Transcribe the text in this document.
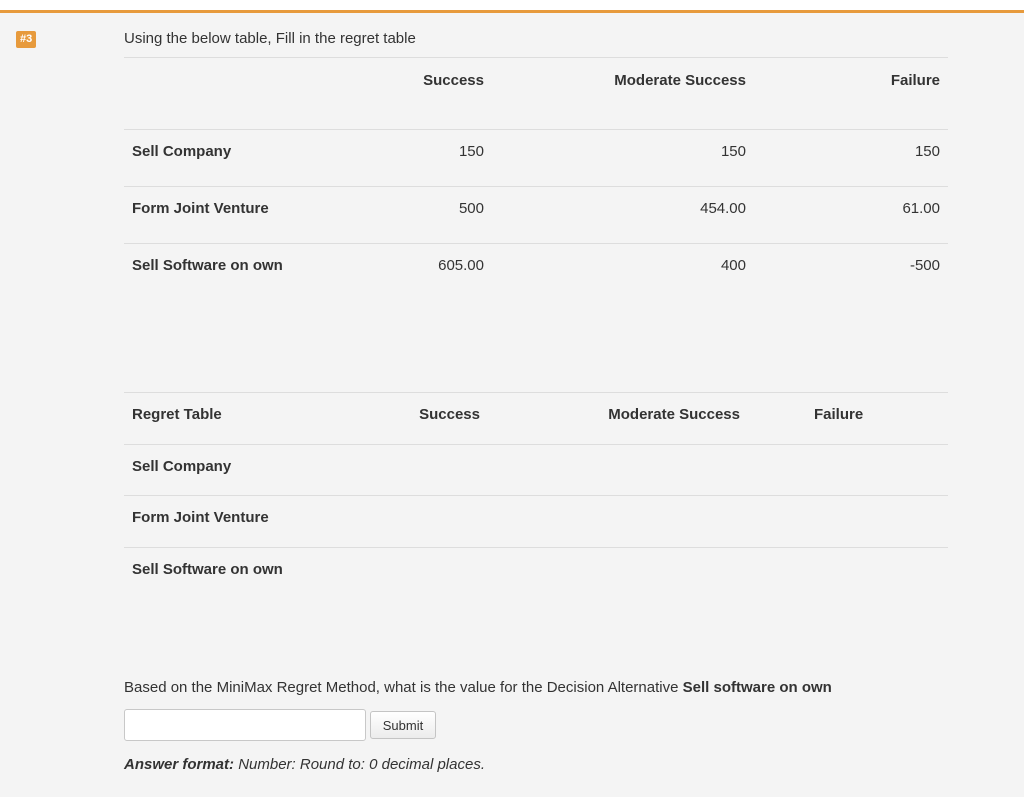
#3	Using the below table, Fill in the regret table
	Success	Moderate Success	Failure
Sell Company	150	150	150
Form Joint Venture	500	454.00	61.00
Sell Software on own	605.00	400	-500
Regret Table	Success	Moderate Success	Failure
Sell Company			
Form Joint Venture			
Sell Software on own			
Based on the MiniMax Regret Method, what is the value for the Decision Alternative Sell software on own
Submit
Answer format: Number: Round to: 0 decimal places.
